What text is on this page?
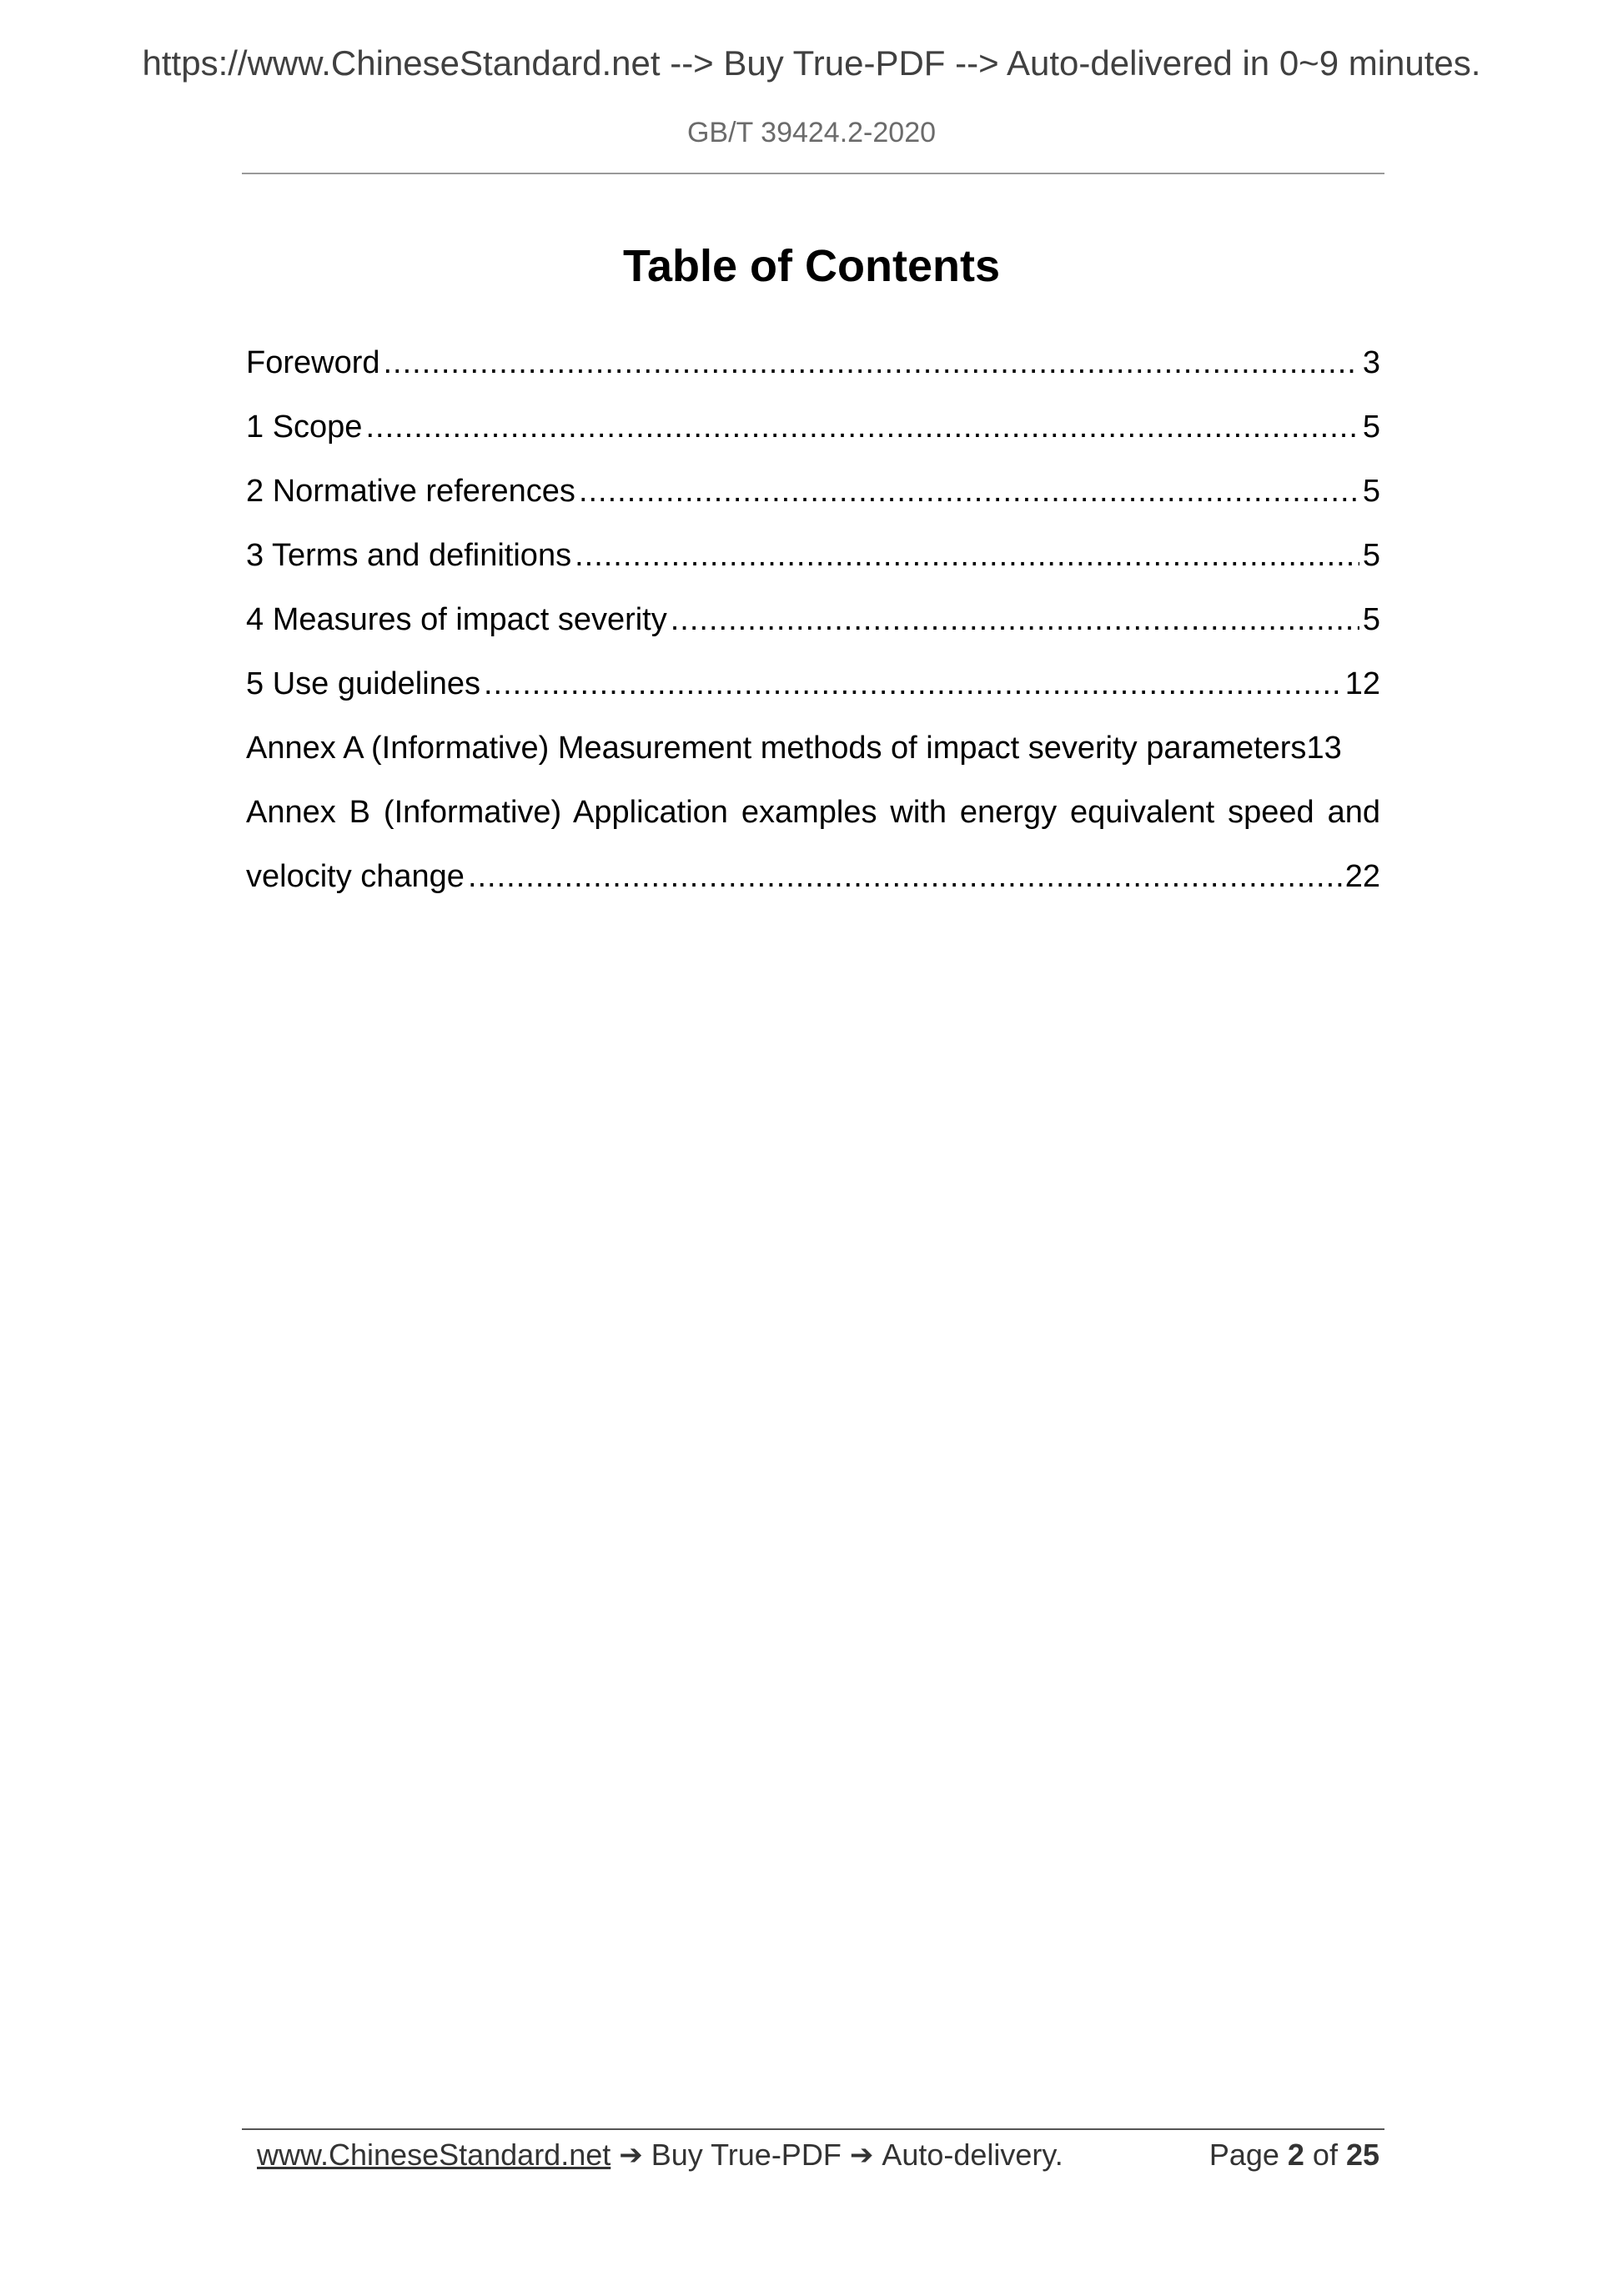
https://www.ChineseStandard.net --> Buy True-PDF --> Auto-delivered in 0~9 minutes.
GB/T 39424.2-2020
Table of Contents
Foreword .....	3
1 Scope .....	5
2 Normative references .....	5
3 Terms and definitions .....	5
4 Measures of impact severity .....	5
5 Use guidelines .....	12
Annex A (Informative) Measurement methods of impact severity parameters 13
Annex B (Informative) Application examples with energy equivalent speed and
velocity change .....	22
www.ChineseStandard.net ➔ Buy True-PDF ➔ Auto-delivery.	Page 2 of 25
